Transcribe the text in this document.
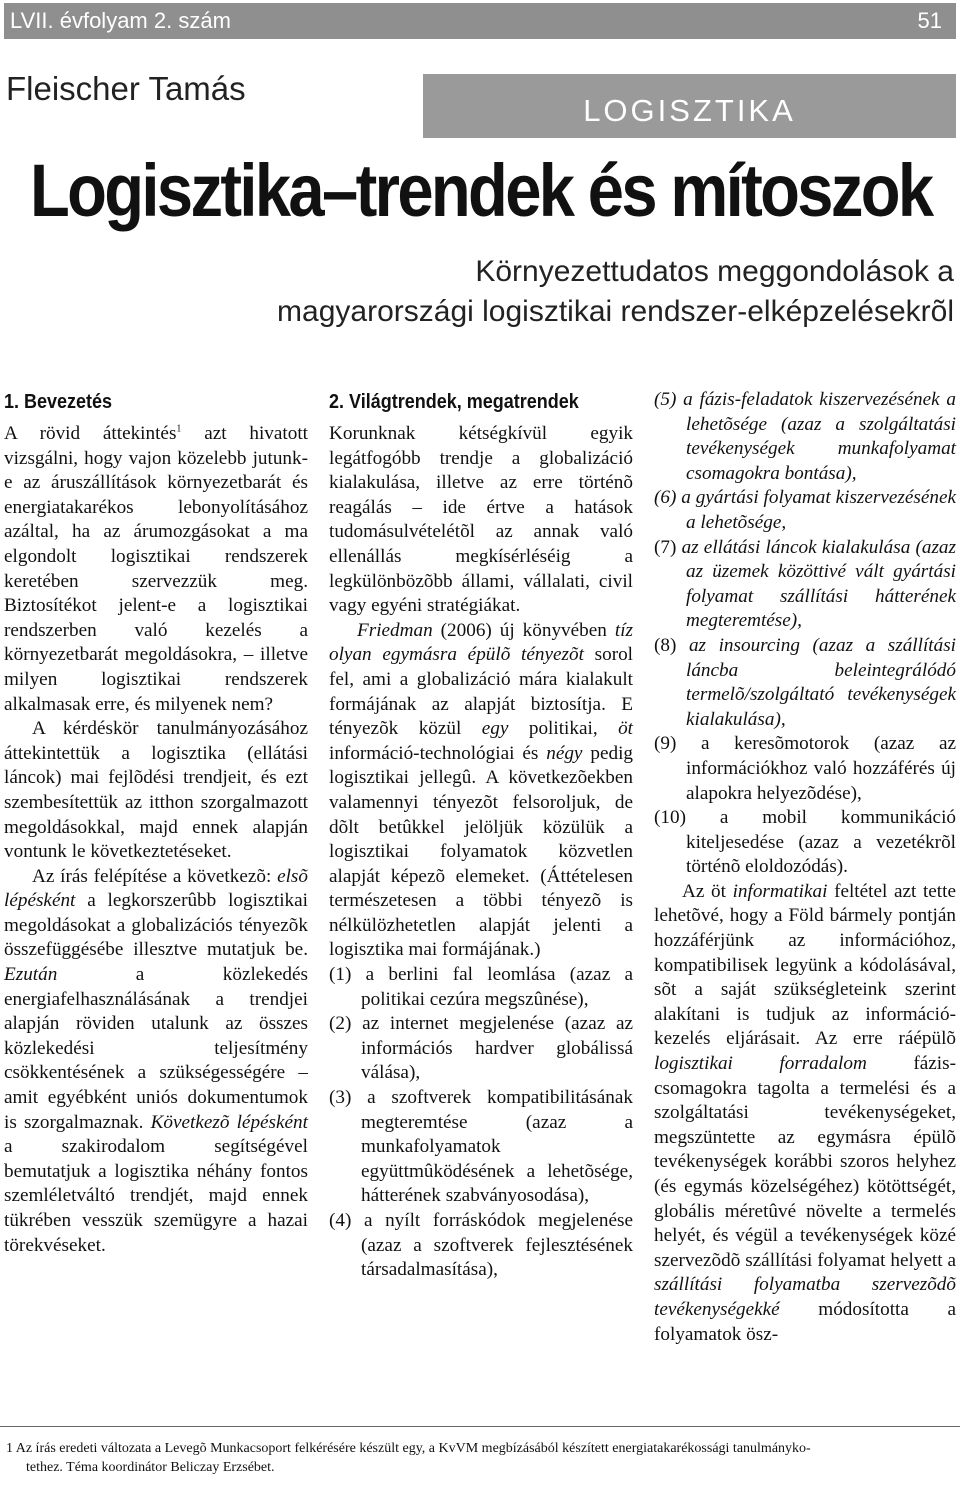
LVII. évfolyam 2. szám	51
Fleischer Tamás
LOGISZTIKA
Logisztika–trendek és mítoszok
Környezettudatos meggondolások a
magyarországi logisztikai rendszer-elképzelésekrõl
1. Bevezetés

A rövid áttekintés$^1$ azt hivatott vizsgálni, hogy vajon közelebb jutunk-e az áruszállítások környezetbarát és energiatakarékos lebonyolításához azáltal, ha az árumozgásokat a ma elgondolt logisztikai rendszerek keretében szervezzük meg. Biztosítékot jelent-e a logisztikai rendszerben való kezelés a környezetbarát megoldásokra, – illetve milyen logisztikai rendszerek alkalmasak erre, és milyenek nem?

A kérdéskör tanulmányozásához áttekintettük a logisztika (ellátási láncok) mai fejlõdési trendjeit, és ezt szembesítettük az itthon szorgalmazott megoldásokkal, majd ennek alapján vontunk le következtetéseket.

Az írás felépítése a következõ: elsõ lépésként a legkorszerûbb logisztikai megoldásokat a globalizációs tényezõk összefüggésébe illesztve mutatjuk be. Ezután a közlekedés energiafelhasználásának a trendjei alapján röviden utalunk az összes közlekedési teljesítmény csökkentésének a szükségességére – amit egyébként uniós dokumentumok is szorgalmaznak. Következõ lépésként a szakirodalom segítségével bemutatjuk a logisztika néhány fontos szemléletváltó trendjét, majd ennek tükrében vesszük szemügyre a hazai törekvéseket.

2. Világtrendek, megatrendek

Korunknak kétségkívül egyik legátfogóbb trendje a globalizáció kialakulása, illetve az erre történõ reagálás – ide értve a hatások tudomásulvételétõl az annak való ellenállás megkísérléséig a legkülönbözõbb állami, vállalati, civil vagy egyéni stratégiákat.

Friedman (2006) új könyvében tíz olyan egymásra épülõ tényezõt sorol fel, ami a globalizáció mára kialakult formájának az alapját biztosítja. E tényezõk közül egy politikai, öt információ-technológiai és négy pedig logisztikai jellegû. A következõekben valamennyi tényezõt felsoroljuk, de dõlt betûkkel jelöljük közülük a logisztikai folyamatok közvetlen alapját képezõ elemeket. (Áttételesen természetesen a többi tényezõ is nélkülözhetetlen alapját jelenti a logisztika mai formájának.)

(1) a berlini fal leomlása (azaz a politikai cezúra megszûnése),

(2) az internet megjelenése (azaz az információs hardver globálissá válása),

(3) a szoftverek kompatibilitásának megteremtése (azaz a munkafolyamatok együttmûködésének a lehetõsége, hátterének szabványosodása),

(4) a nyílt forráskódok megjelenése (azaz a szoftverek fejlesztésének társadalmasítása),

(5) a fázis-feladatok kiszervezésének a lehetõsége (azaz a szolgáltatási tevékenységek munkafolyamat csomagokra bontása),

(6) a gyártási folyamat kiszervezésének a lehetõsége,

(7) az ellátási láncok kialakulása (azaz az üzemek közöttivé vált gyártási folyamat szállítási hátterének megteremtése),

(8) az insourcing (azaz a szállítási láncba beleintegrálódó termelõ/szolgáltató tevékenységek kialakulása),

(9) a keresõmotorok (azaz az információkhoz való hozzáférés új alapokra helyezõdése),

(10) a mobil kommunikáció kiteljesedése (azaz a vezetékrõl történõ eloldozódás).

Az öt informatikai feltétel azt tette lehetõvé, hogy a Föld bármely pontján hozzáférjünk az információhoz, kompatibilisek legyünk a kódolásával, sõt a saját szükségleteink szerint alakítani is tudjuk az információ-kezelés eljárásait. Az erre ráépülõ logisztikai forradalom fázis-csomagokra tagolta a termelési és a szolgáltatási tevékenységeket, megszüntette az egymásra épülõ tevékenységek korábbi szoros helyhez (és egymás közelségéhez) kötöttségét, globális méretûvé növelte a termelés helyét, és végül a tevékenységek közé szervezõdõ szállítási folyamat helyett a szállítási folyamatba szervezõdõ tevékenységekké módosította a folyamatok ösz-

1 Az írás eredeti változata a Levegõ Munkacsoport felkérésére készült egy, a KvVM megbízásából készített energiatakarékossági tanulmányko-
tethez. Téma koordinátor Beliczay Erzsébet.
